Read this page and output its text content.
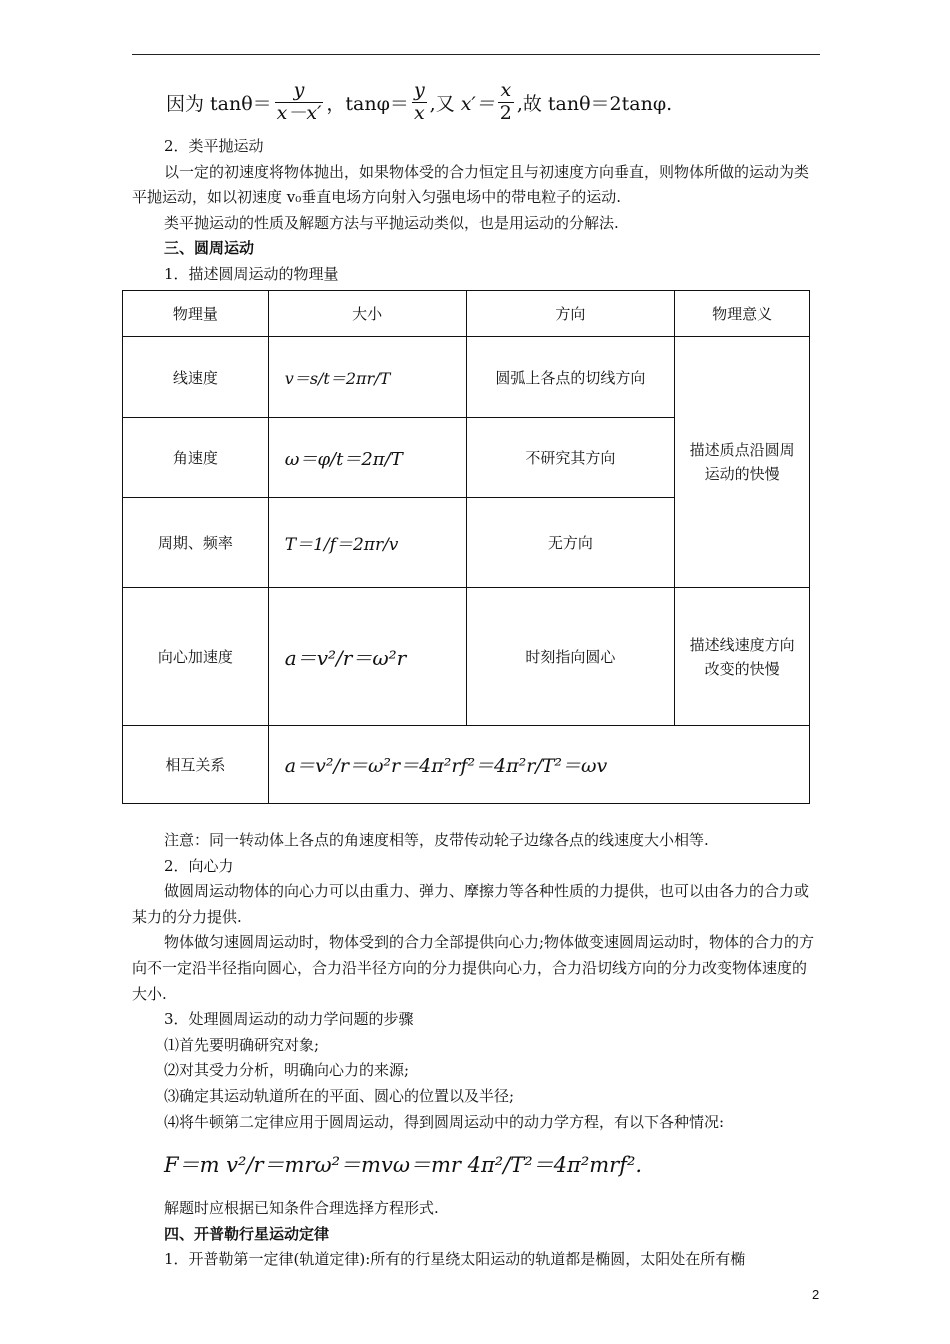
因为 $\tan\theta= \frac{y}{x-x'}$ ， $\tan\varphi= \frac{y}{x}$ ,又 $x'= \frac{x}{2}$ ,故 tanθ＝2tanφ.

2．类平抛运动

以一定的初速度将物体抛出，如果物体受的合力恒定且与初速度方向垂直，则物体所做的运动为类平抛运动，如以初速度 v₀垂直电场方向射入匀强电场中的带电粒子的运动.

类平抛运动的性质及解题方法与平抛运动类似，也是用运动的分解法.

三、圆周运动

1．描述圆周运动的物理量

物理量	大小	方向	物理意义
线速度	v＝s/t＝2πr/T	圆弧上各点的切线方向	描述质点沿圆周运动的快慢
角速度	ω＝φ/t＝2π/T	不研究其方向	
周期、频率	T＝1/f＝2πr/v	无方向	
向心加速度	a＝v²/r＝ω²r	时刻指向圆心	描述线速度方向改变的快慢
相互关系	a＝v²/r＝ω²r＝4π²rf²＝4π²r/T²＝ωv		

注意：同一转动体上各点的角速度相等，皮带传动轮子边缘各点的线速度大小相等.

2．向心力

做圆周运动物体的向心力可以由重力、弹力、摩擦力等各种性质的力提供，也可以由各力的合力或某力的分力提供.

物体做匀速圆周运动时，物体受到的合力全部提供向心力;物体做变速圆周运动时，物体的合力的方向不一定沿半径指向圆心，合力沿半径方向的分力提供向心力，合力沿切线方向的分力改变物体速度的大小.

3．处理圆周运动的动力学问题的步骤

⑴首先要明确研究对象;

⑵对其受力分析，明确向心力的来源;

⑶确定其运动轨道所在的平面、圆心的位置以及半径;

⑷将牛顿第二定律应用于圆周运动，得到圆周运动中的动力学方程，有以下各种情况:

F＝m v²/r＝mrω²＝mvω＝mr 4π²/T²＝4π²mrf².

解题时应根据已知条件合理选择方程形式.

四、开普勒行星运动定律

1．开普勒第一定律(轨道定律):所有的行星绕太阳运动的轨道都是椭圆，太阳处在所有椭

2
